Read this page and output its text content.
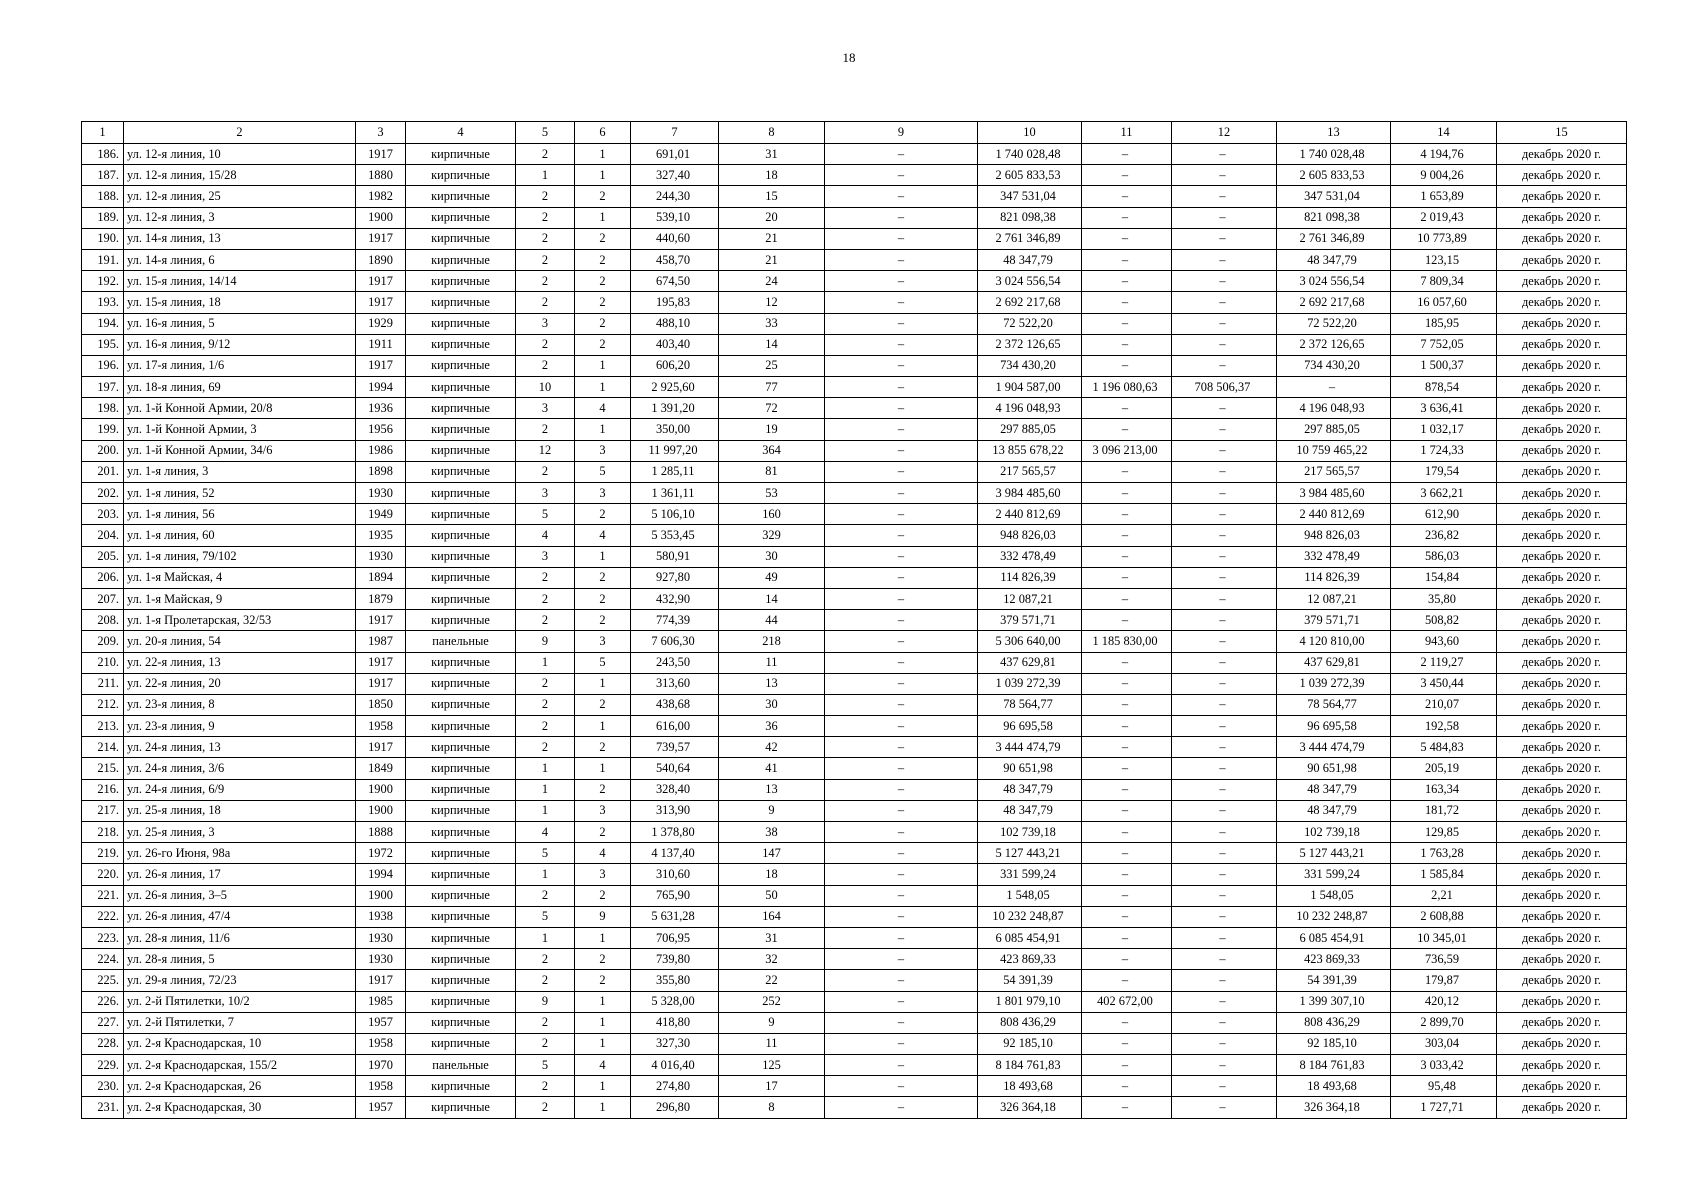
18
1	2	3	4	5	6	7	8	9	10	11	12	13	14	15
186.	ул. 12-я линия, 10	1917	кирпичные	2	1	691,01	31	–	1 740 028,48	–	–	1 740 028,48	4 194,76	декабрь 2020 г.
187.	ул. 12-я линия, 15/28	1880	кирпичные	1	1	327,40	18	–	2 605 833,53	–	–	2 605 833,53	9 004,26	декабрь 2020 г.
188.	ул. 12-я линия, 25	1982	кирпичные	2	2	244,30	15	–	347 531,04	–	–	347 531,04	1 653,89	декабрь 2020 г.
189.	ул. 12-я линия, 3	1900	кирпичные	2	1	539,10	20	–	821 098,38	–	–	821 098,38	2 019,43	декабрь 2020 г.
190.	ул. 14-я линия, 13	1917	кирпичные	2	2	440,60	21	–	2 761 346,89	–	–	2 761 346,89	10 773,89	декабрь 2020 г.
191.	ул. 14-я линия, 6	1890	кирпичные	2	2	458,70	21	–	48 347,79	–	–	48 347,79	123,15	декабрь 2020 г.
192.	ул. 15-я линия, 14/14	1917	кирпичные	2	2	674,50	24	–	3 024 556,54	–	–	3 024 556,54	7 809,34	декабрь 2020 г.
193.	ул. 15-я линия, 18	1917	кирпичные	2	2	195,83	12	–	2 692 217,68	–	–	2 692 217,68	16 057,60	декабрь 2020 г.
194.	ул. 16-я линия, 5	1929	кирпичные	3	2	488,10	33	–	72 522,20	–	–	72 522,20	185,95	декабрь 2020 г.
195.	ул. 16-я линия, 9/12	1911	кирпичные	2	2	403,40	14	–	2 372 126,65	–	–	2 372 126,65	7 752,05	декабрь 2020 г.
196.	ул. 17-я линия, 1/6	1917	кирпичные	2	1	606,20	25	–	734 430,20	–	–	734 430,20	1 500,37	декабрь 2020 г.
197.	ул. 18-я линия, 69	1994	кирпичные	10	1	2 925,60	77	–	1 904 587,00	1 196 080,63	708 506,37	–	878,54	декабрь 2020 г.
198.	ул. 1-й Конной Армии, 20/8	1936	кирпичные	3	4	1 391,20	72	–	4 196 048,93	–	–	4 196 048,93	3 636,41	декабрь 2020 г.
199.	ул. 1-й Конной Армии, 3	1956	кирпичные	2	1	350,00	19	–	297 885,05	–	–	297 885,05	1 032,17	декабрь 2020 г.
200.	ул. 1-й Конной Армии, 34/6	1986	кирпичные	12	3	11 997,20	364	–	13 855 678,22	3 096 213,00	–	10 759 465,22	1 724,33	декабрь 2020 г.
201.	ул. 1-я линия, 3	1898	кирпичные	2	5	1 285,11	81	–	217 565,57	–	–	217 565,57	179,54	декабрь 2020 г.
202.	ул. 1-я линия, 52	1930	кирпичные	3	3	1 361,11	53	–	3 984 485,60	–	–	3 984 485,60	3 662,21	декабрь 2020 г.
203.	ул. 1-я линия, 56	1949	кирпичные	5	2	5 106,10	160	–	2 440 812,69	–	–	2 440 812,69	612,90	декабрь 2020 г.
204.	ул. 1-я линия, 60	1935	кирпичные	4	4	5 353,45	329	–	948 826,03	–	–	948 826,03	236,82	декабрь 2020 г.
205.	ул. 1-я линия, 79/102	1930	кирпичные	3	1	580,91	30	–	332 478,49	–	–	332 478,49	586,03	декабрь 2020 г.
206.	ул. 1-я Майская, 4	1894	кирпичные	2	2	927,80	49	–	114 826,39	–	–	114 826,39	154,84	декабрь 2020 г.
207.	ул. 1-я Майская, 9	1879	кирпичные	2	2	432,90	14	–	12 087,21	–	–	12 087,21	35,80	декабрь 2020 г.
208.	ул. 1-я Пролетарская, 32/53	1917	кирпичные	2	2	774,39	44	–	379 571,71	–	–	379 571,71	508,82	декабрь 2020 г.
209.	ул. 20-я линия, 54	1987	панельные	9	3	7 606,30	218	–	5 306 640,00	1 185 830,00	–	4 120 810,00	943,60	декабрь 2020 г.
210.	ул. 22-я линия, 13	1917	кирпичные	1	5	243,50	11	–	437 629,81	–	–	437 629,81	2 119,27	декабрь 2020 г.
211.	ул. 22-я линия, 20	1917	кирпичные	2	1	313,60	13	–	1 039 272,39	–	–	1 039 272,39	3 450,44	декабрь 2020 г.
212.	ул. 23-я линия, 8	1850	кирпичные	2	2	438,68	30	–	78 564,77	–	–	78 564,77	210,07	декабрь 2020 г.
213.	ул. 23-я линия, 9	1958	кирпичные	2	1	616,00	36	–	96 695,58	–	–	96 695,58	192,58	декабрь 2020 г.
214.	ул. 24-я линия, 13	1917	кирпичные	2	2	739,57	42	–	3 444 474,79	–	–	3 444 474,79	5 484,83	декабрь 2020 г.
215.	ул. 24-я линия, 3/6	1849	кирпичные	1	1	540,64	41	–	90 651,98	–	–	90 651,98	205,19	декабрь 2020 г.
216.	ул. 24-я линия, 6/9	1900	кирпичные	1	2	328,40	13	–	48 347,79	–	–	48 347,79	163,34	декабрь 2020 г.
217.	ул. 25-я линия, 18	1900	кирпичные	1	3	313,90	9	–	48 347,79	–	–	48 347,79	181,72	декабрь 2020 г.
218.	ул. 25-я линия, 3	1888	кирпичные	4	2	1 378,80	38	–	102 739,18	–	–	102 739,18	129,85	декабрь 2020 г.
219.	ул. 26-го Июня, 98а	1972	кирпичные	5	4	4 137,40	147	–	5 127 443,21	–	–	5 127 443,21	1 763,28	декабрь 2020 г.
220.	ул. 26-я линия, 17	1994	кирпичные	1	3	310,60	18	–	331 599,24	–	–	331 599,24	1 585,84	декабрь 2020 г.
221.	ул. 26-я линия, 3–5	1900	кирпичные	2	2	765,90	50	–	1 548,05	–	–	1 548,05	2,21	декабрь 2020 г.
222.	ул. 26-я линия, 47/4	1938	кирпичные	5	9	5 631,28	164	–	10 232 248,87	–	–	10 232 248,87	2 608,88	декабрь 2020 г.
223.	ул. 28-я линия, 11/6	1930	кирпичные	1	1	706,95	31	–	6 085 454,91	–	–	6 085 454,91	10 345,01	декабрь 2020 г.
224.	ул. 28-я линия, 5	1930	кирпичные	2	2	739,80	32	–	423 869,33	–	–	423 869,33	736,59	декабрь 2020 г.
225.	ул. 29-я линия, 72/23	1917	кирпичные	2	2	355,80	22	–	54 391,39	–	–	54 391,39	179,87	декабрь 2020 г.
226.	ул. 2-й Пятилетки, 10/2	1985	кирпичные	9	1	5 328,00	252	–	1 801 979,10	402 672,00	–	1 399 307,10	420,12	декабрь 2020 г.
227.	ул. 2-й Пятилетки, 7	1957	кирпичные	2	1	418,80	9	–	808 436,29	–	–	808 436,29	2 899,70	декабрь 2020 г.
228.	ул. 2-я Краснодарская, 10	1958	кирпичные	2	1	327,30	11	–	92 185,10	–	–	92 185,10	303,04	декабрь 2020 г.
229.	ул. 2-я Краснодарская, 155/2	1970	панельные	5	4	4 016,40	125	–	8 184 761,83	–	–	8 184 761,83	3 033,42	декабрь 2020 г.
230.	ул. 2-я Краснодарская, 26	1958	кирпичные	2	1	274,80	17	–	18 493,68	–	–	18 493,68	95,48	декабрь 2020 г.
231.	ул. 2-я Краснодарская, 30	1957	кирпичные	2	1	296,80	8	–	326 364,18	–	–	326 364,18	1 727,71	декабрь 2020 г.
